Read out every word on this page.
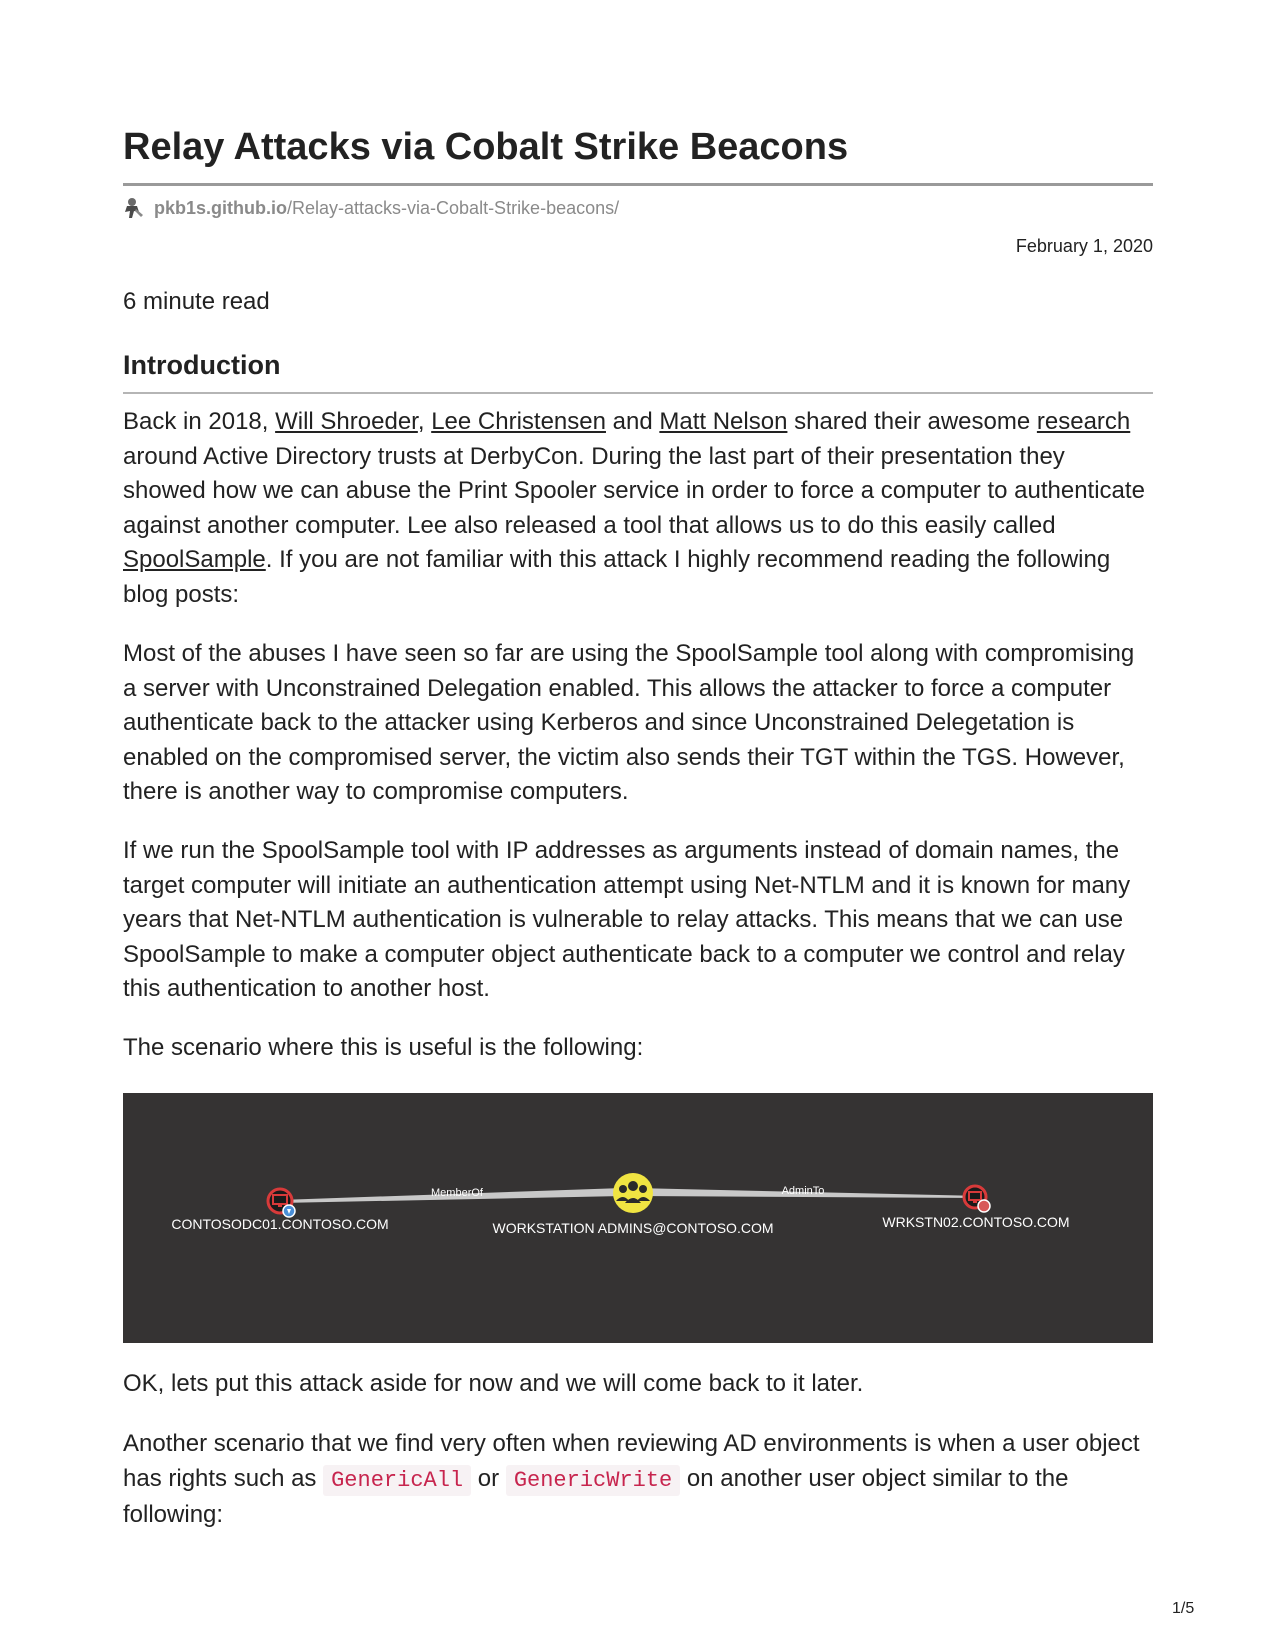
Relay Attacks via Cobalt Strike Beacons
pkb1s.github.io /Relay-attacks-via-Cobalt-Strike-beacons/
February 1, 2020
6 minute read
Introduction

Back in 2018, Will Shroeder, Lee Christensen and Matt Nelson shared their awesome research around Active Directory trusts at DerbyCon. During the last part of their presentation they showed how we can abuse the Print Spooler service in order to force a computer to authenticate against another computer. Lee also released a tool that allows us to do this easily called SpoolSample. If you are not familiar with this attack I highly recommend reading the following blog posts:

Most of the abuses I have seen so far are using the SpoolSample tool along with compromising a server with Unconstrained Delegation enabled. This allows the attacker to force a computer authenticate back to the attacker using Kerberos and since Unconstrained Delegetation is enabled on the compromised server, the victim also sends their TGT within the TGS. However, there is another way to compromise computers.

If we run the SpoolSample tool with IP addresses as arguments instead of domain names, the target computer will initiate an authentication attempt using Net-NTLM and it is known for many years that Net-NTLM authentication is vulnerable to relay attacks. This means that we can use SpoolSample to make a computer object authenticate back to a computer we control and relay this authentication to another host.

The scenario where this is useful is the following:

MemberOf	AdminTo
CONTOSODC01.CONTOSO.COM	WORKSTATION ADMINS@CONTOSO.COM	WRKSTN02.CONTOSO.COM

OK, lets put this attack aside for now and we will come back to it later.

Another scenario that we find very often when reviewing AD environments is when a user object has rights such as GenericAll or GenericWrite on another user object similar to the following:

1/5
